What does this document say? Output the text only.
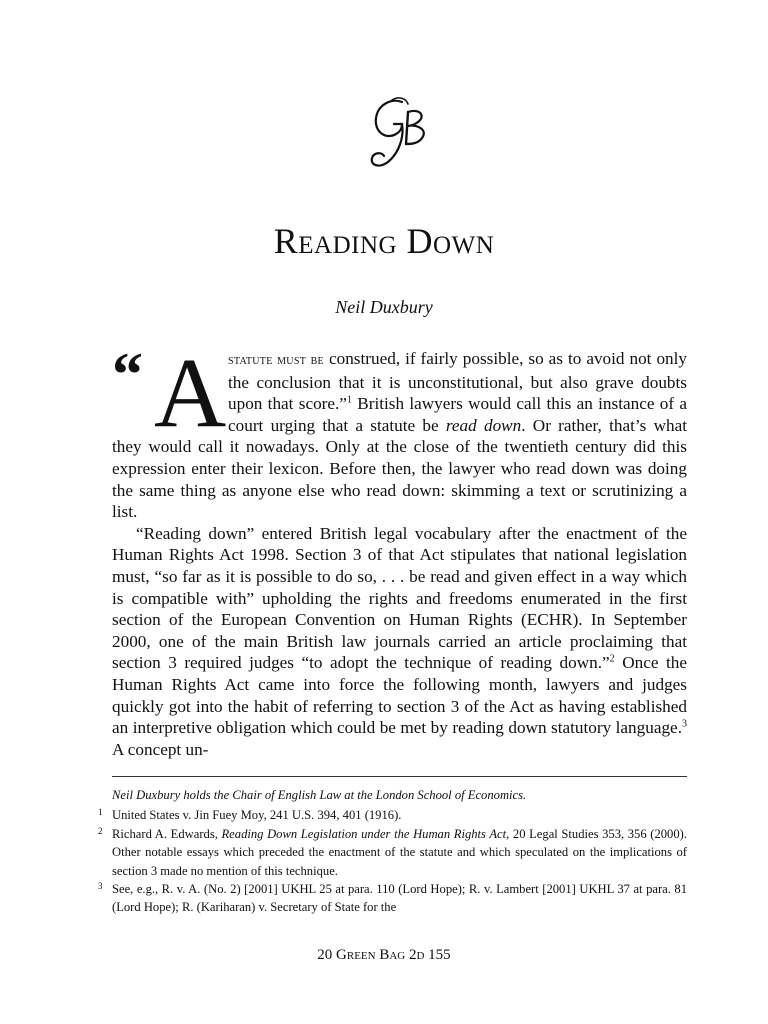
Reading Down
Neil Duxbury

“ A statute must be construed, if fairly possible, so as to avoid not only the conclusion that it is unconstitutional, but also grave doubts upon that score.”$^1$ British lawyers would call this an instance of a court urging that a statute be read down. Or rather, that’s what they would call it nowadays. Only at the close of the twentieth century did this expression enter their lexicon. Before then, the lawyer who read down was doing the same thing as anyone else who read down: skimming a text or scrutinizing a list.

“Reading down” entered British legal vocabulary after the enactment of the Human Rights Act 1998. Section 3 of that Act stipulates that national legislation must, “so far as it is possible to do so, . . . be read and given effect in a way which is compatible with” upholding the rights and freedoms enumerated in the first section of the European Convention on Human Rights (ECHR). In September 2000, one of the main British law journals carried an article proclaiming that section 3 required judges “to adopt the technique of reading down.”$^2$ Once the Human Rights Act came into force the following month, lawyers and judges quickly got into the habit of referring to section 3 of the Act as having established an interpretive obligation which could be met by reading down statutory language.$^3$ A concept un-

Neil Duxbury holds the Chair of English Law at the London School of Economics.

1 United States v. Jin Fuey Moy, 241 U.S. 394, 401 (1916).

2 Richard A. Edwards, Reading Down Legislation under the Human Rights Act, 20 Legal Studies 353, 356 (2000). Other notable essays which preceded the enactment of the statute and which speculated on the implications of section 3 made no mention of this technique.

3 See, e.g., R. v. A. (No. 2) [2001] UKHL 25 at para. 110 (Lord Hope); R. v. Lambert [2001] UKHL 37 at para. 81 (Lord Hope); R. (Kariharan) v. Secretary of State for the

20 Green Bag 2d 155
